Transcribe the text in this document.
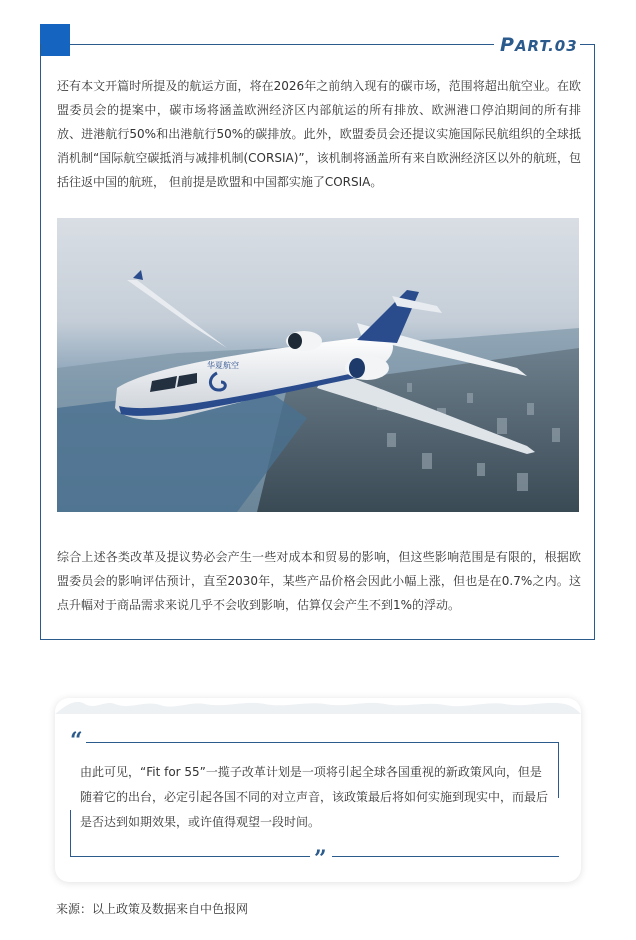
PART.03

还有本文开篇时所提及的航运方面，将在2026年之前纳入现有的碳市场，范围将超出航空业。在欧盟委员会的提案中，碳市场将涵盖欧洲经济区内部航运的所有排放、欧洲港口停泊期间的所有排放、进港航行50%和出港航行50%的碳排放。此外，欧盟委员会还提议实施国际民航组织的全球抵消机制“国际航空碳抵消与减排机制(CORSIA)”，该机制将涵盖所有来自欧洲经济区以外的航班，包括往返中国的航班， 但前提是欧盟和中国都实施了CORSIA。

华夏航空

综合上述各类改革及提议势必会产生一些对成本和贸易的影响，但这些影响范围是有限的，根据欧盟委员会的影响评估预计，直至2030年，某些产品价格会因此小幅上涨，但也是在0.7%之内。这点升幅对于商品需求来说几乎不会收到影响，估算仅会产生不到1%的浮动。

“
”

由此可见，“Fit for 55”一揽子改革计划是一项将引起全球各国重视的新政策风向，但是随着它的出台，必定引起各国不同的对立声音，该政策最后将如何实施到现实中，而最后是否达到如期效果，或许值得观望一段时间。

来源：以上政策及数据来自中色报网
